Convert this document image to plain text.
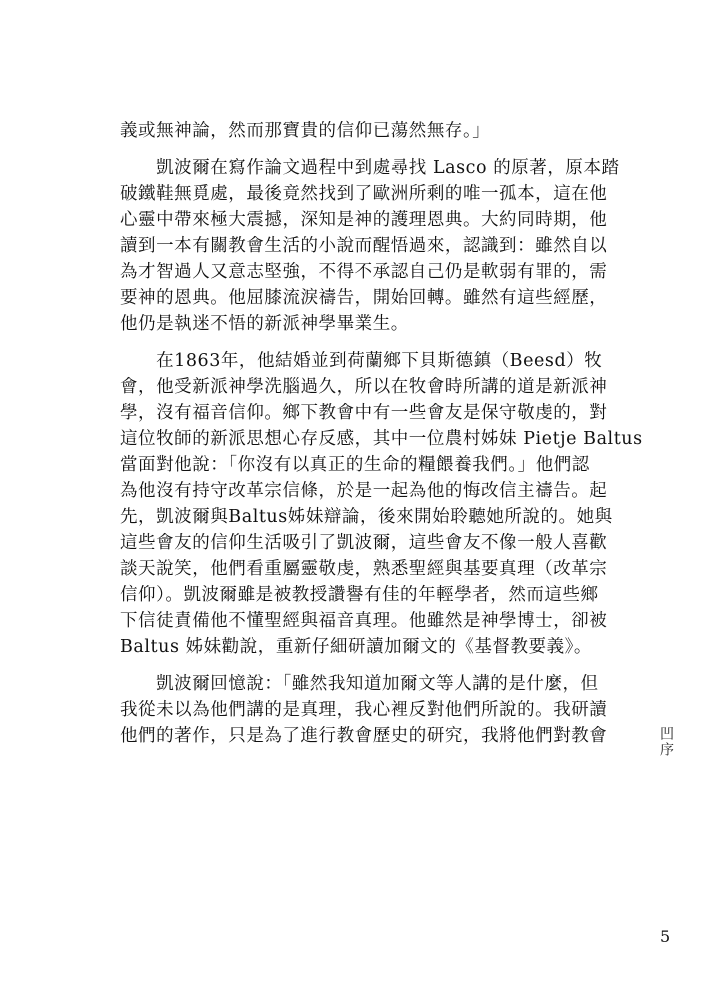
義或無神論，然而那寶貴的信仰已蕩然無存。」
　　凱波爾在寫作論文過程中到處尋找 Lasco 的原著，原本踏
破鐵鞋無覓處，最後竟然找到了歐洲所剩的唯一孤本，這在他
心靈中帶來極大震撼，深知是神的護理恩典。大約同時期，他
讀到一本有關教會生活的小說而醒悟過來，認識到：雖然自以
為才智過人又意志堅強，不得不承認自己仍是軟弱有罪的，需
要神的恩典。他屈膝流淚禱告，開始回轉。雖然有這些經歷，
他仍是執迷不悟的新派神學畢業生。
　　在1863年，他結婚並到荷蘭鄉下貝斯德鎮（Beesd）牧
會，他受新派神學洗腦過久，所以在牧會時所講的道是新派神
學，沒有福音信仰。鄉下教會中有一些會友是保守敬虔的，對
這位牧師的新派思想心存反感，其中一位農村姊妹 Pietje Baltus
當面對他說：「你沒有以真正的生命的糧餵養我們。」他們認
為他沒有持守改革宗信條，於是一起為他的悔改信主禱告。起
先，凱波爾與Baltus姊妹辯論，後來開始聆聽她所說的。她與
這些會友的信仰生活吸引了凱波爾，這些會友不像一般人喜歡
談天說笑，他們看重屬靈敬虔，熟悉聖經與基要真理（改革宗
信仰）。凱波爾雖是被教授讚譽有佳的年輕學者，然而這些鄉
下信徒責備他不懂聖經與福音真理。他雖然是神學博士，卻被
Baltus 姊妹勸說，重新仔細研讀加爾文的《基督教要義》。
　　凱波爾回憶說：「雖然我知道加爾文等人講的是什麼，但
我從未以為他們講的是真理，我心裡反對他們所說的。我研讀
他們的著作，只是為了進行教會歷史的研究，我將他們對教會	凹序
5
